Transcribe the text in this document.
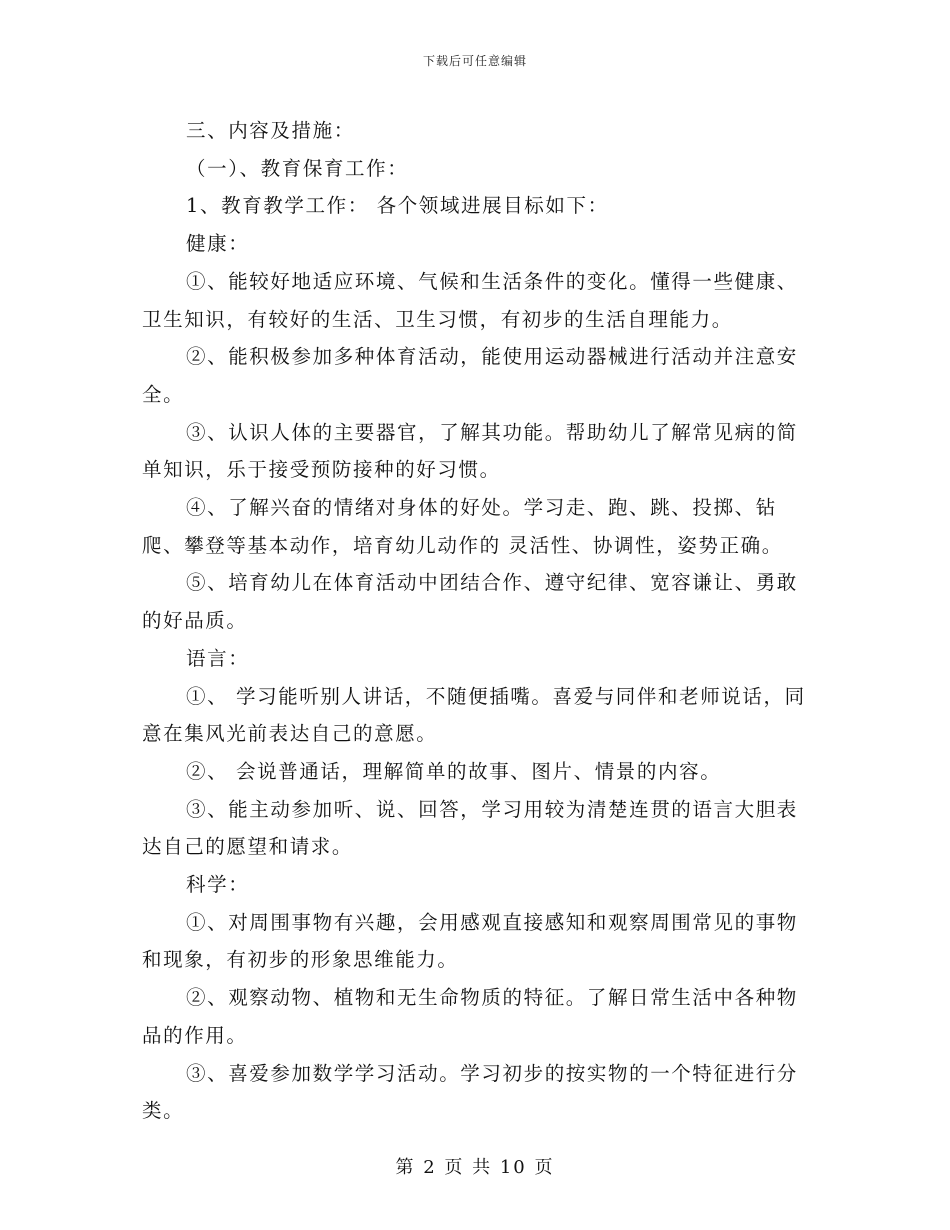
下载后可任意编辑

三、内容及措施：

（一）、教育保育工作：

1、教育教学工作： 各个领域进展目标如下：

健康：

①、能较好地适应环境、气候和生活条件的变化。懂得一些健康、卫生知识，有较好的生活、卫生习惯，有初步的生活自理能力。

②、能积极参加多种体育活动，能使用运动器械进行活动并注意安全。

③、认识人体的主要器官，了解其功能。帮助幼儿了解常见病的简单知识，乐于接受预防接种的好习惯。

④、了解兴奋的情绪对身体的好处。学习走、跑、跳、投掷、钻爬、攀登等基本动作，培育幼儿动作的 灵活性、协调性，姿势正确。

⑤、培育幼儿在体育活动中团结合作、遵守纪律、宽容谦让、勇敢的好品质。

语言：

①、 学习能听别人讲话，不随便插嘴。喜爱与同伴和老师说话，同意在集风光前表达自己的意愿。

②、 会说普通话，理解简单的故事、图片、情景的内容。

③、能主动参加听、说、回答，学习用较为清楚连贯的语言大胆表达自己的愿望和请求。

科学：

①、对周围事物有兴趣，会用感观直接感知和观察周围常见的事物和现象，有初步的形象思维能力。

②、观察动物、植物和无生命物质的特征。了解日常生活中各种物品的作用。

③、喜爱参加数学学习活动。学习初步的按实物的一个特征进行分类。

第 2 页 共 10 页
